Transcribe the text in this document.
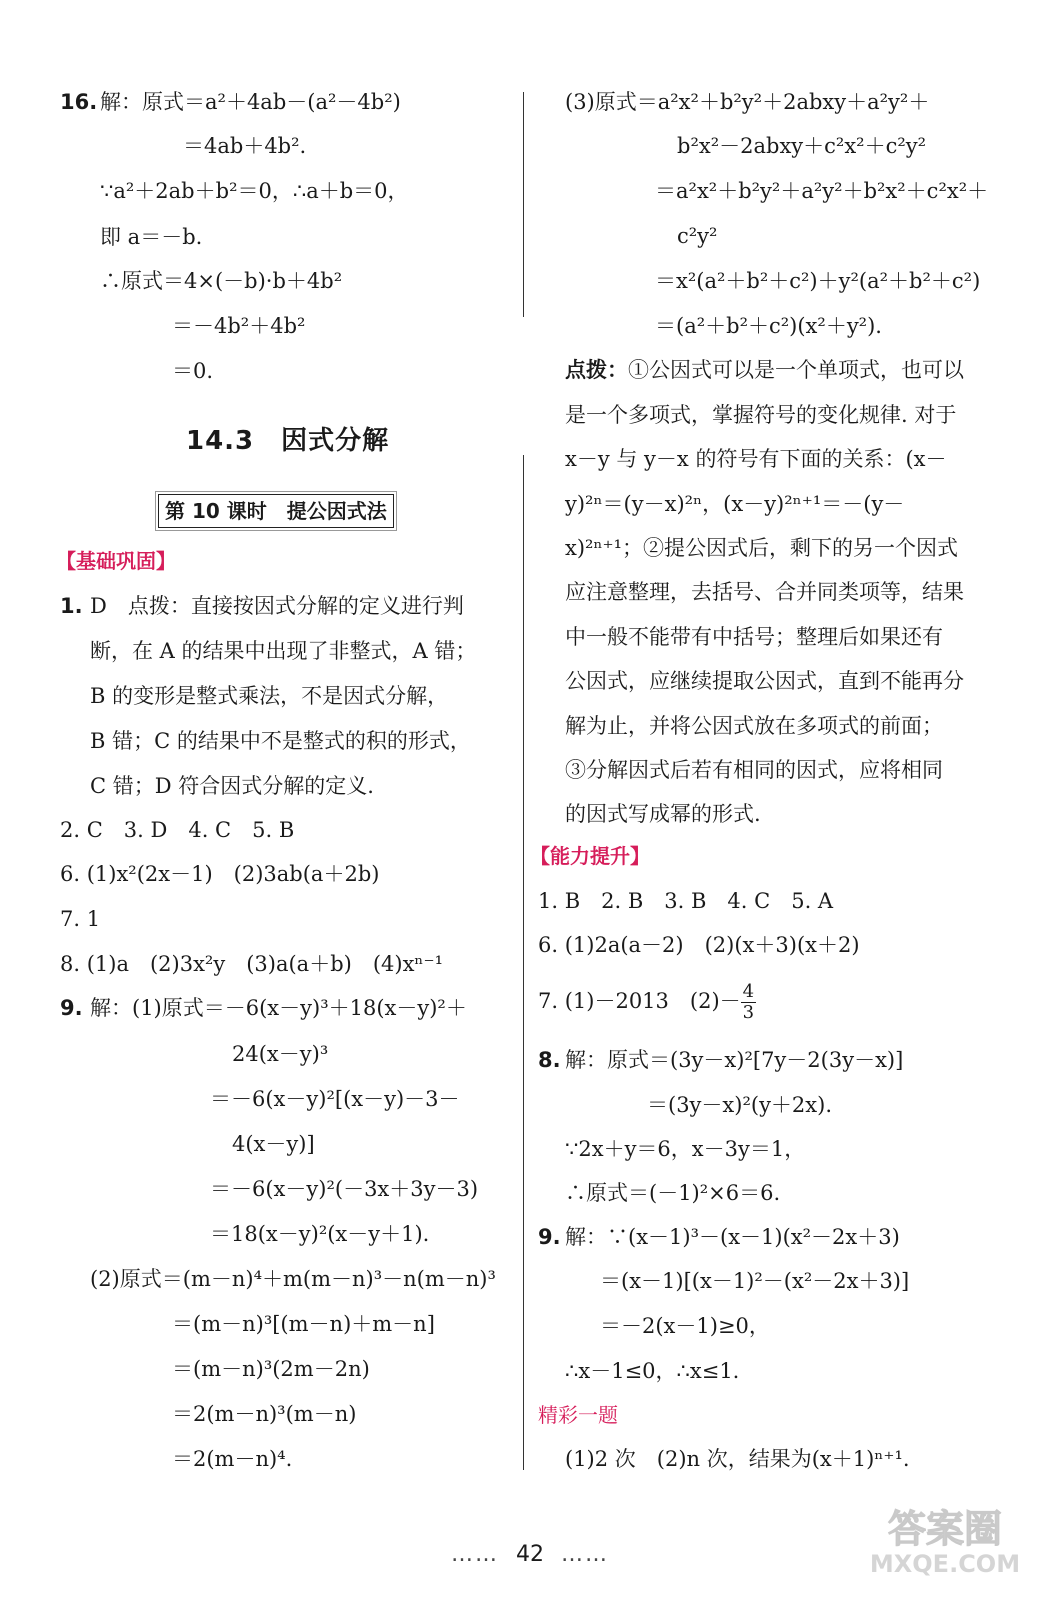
16. 解：原式＝a²＋4ab－(a²－4b²)
＝4ab＋4b².
∵a²＋2ab＋b²＝0，∴a＋b＝0，
即 a＝－b.
∴原式＝4×(－b)·b＋4b²
＝－4b²＋4b²
＝0.
14.3　因式分解
第 10 课时　提公因式法
【基础巩固】
1. D　点拨：直接按因式分解的定义进行判
断，在 A 的结果中出现了非整式，A 错；
B 的变形是整式乘法，不是因式分解，
B 错；C 的结果中不是整式的积的形式，
C 错；D 符合因式分解的定义.
2. C　3. D　4. C　5. B
6. (1)x²(2x－1)　(2)3ab(a＋2b)
7. 1
8. (1)a　(2)3x²y　(3)a(a＋b)　(4)xⁿ⁻¹
9. 解：(1)原式＝－6(x－y)³＋18(x－y)²＋
24(x－y)³
＝－6(x－y)²[(x－y)－3－
4(x－y)]
＝－6(x－y)²(－3x＋3y－3)
＝18(x－y)²(x－y＋1).
(2)原式＝(m－n)⁴＋m(m－n)³－n(m－n)³
＝(m－n)³[(m－n)＋m－n]
＝(m－n)³(2m－2n)
＝2(m－n)³(m－n)
＝2(m－n)⁴.
(3)原式＝a²x²＋b²y²＋2abxy＋a²y²＋
b²x²－2abxy＋c²x²＋c²y²
＝a²x²＋b²y²＋a²y²＋b²x²＋c²x²＋
c²y²
＝x²(a²＋b²＋c²)＋y²(a²＋b²＋c²)
＝(a²＋b²＋c²)(x²＋y²).
点拨： ①公因式可以是一个单项式，也可以
是一个多项式，掌握符号的变化规律. 对于
x－y 与 y－x 的符号有下面的关系：(x－
y)²ⁿ＝(y－x)²ⁿ，(x－y)²ⁿ⁺¹＝－(y－
x)²ⁿ⁺¹；②提公因式后，剩下的另一个因式
应注意整理，去括号、合并同类项等，结果
中一般不能带有中括号；整理后如果还有
公因式，应继续提取公因式，直到不能再分
解为止，并将公因式放在多项式的前面；
③分解因式后若有相同的因式，应将相同
的因式写成幂的形式.
【能力提升】
1. B　2. B　3. B　4. C　5. A
6. (1)2a(a－2)　(2)(x＋3)(x＋2)
7. (1)－2013　$(2)- \frac{4}{3}$
8. 解：原式＝(3y－x)²[7y－2(3y－x)]
＝(3y－x)²(y＋2x).
∵2x＋y＝6，x－3y＝1，
∴原式＝(－1)²×6＝6.
9. 解：∵(x－1)³－(x－1)(x²－2x＋3)
＝(x－1)[(x－1)²－(x²－2x＋3)]
＝－2(x－1)≥0，
∴x－1≤0，∴x≤1.
精彩一题
(1)2 次　(2)n 次，结果为(x＋1)ⁿ⁺¹.
…… 42 ……
答案圈
MXQE.COM
